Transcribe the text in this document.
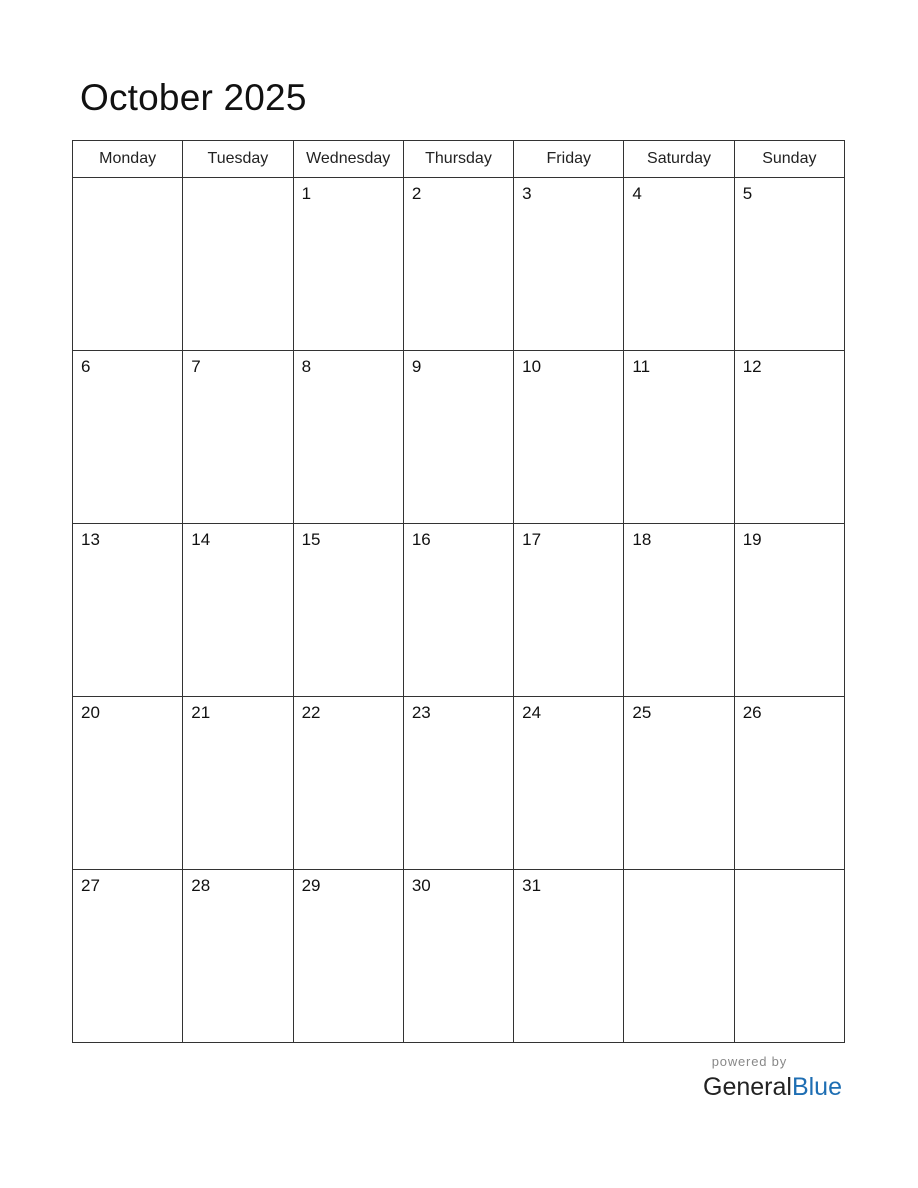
October 2025
Monday	Tuesday	Wednesday	Thursday	Friday	Saturday	Sunday

		1	2	3	4	5

6	7	8	9	10	11	12

13	14	15	16	17	18	19

20	21	22	23	24	25	26

27	28	29	30	31		

powered by
GeneralBlue
